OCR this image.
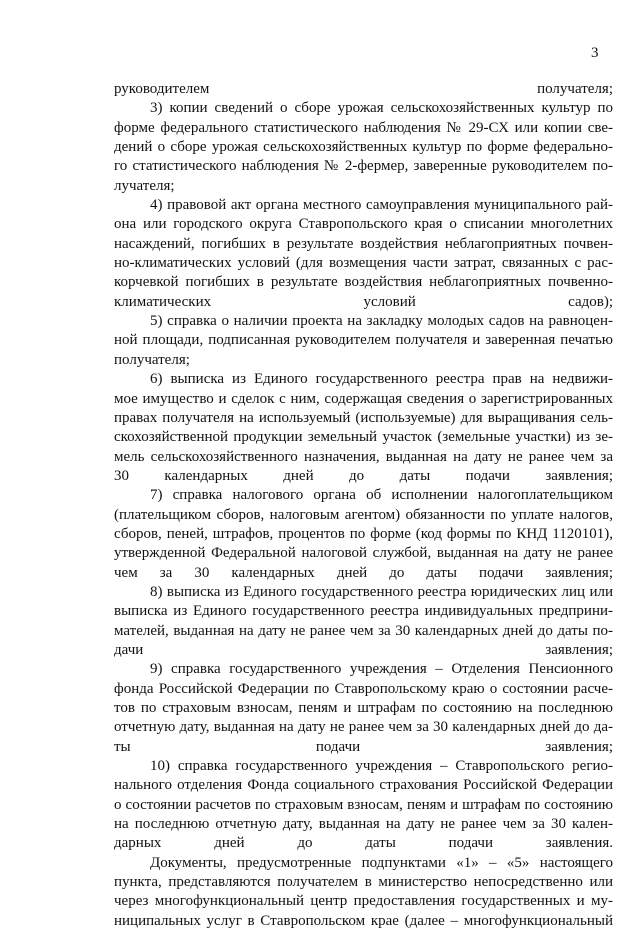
3
руководителем получателя;
3) копии сведений о сборе урожая сельскохозяйственных культур по
форме федерального статистического наблюдения № 29-СХ или копии све-
дений о сборе урожая сельскохозяйственных культур по форме федерально-
го статистического наблюдения № 2-фермер, заверенные руководителем по-
лучателя;
4) правовой акт органа местного самоуправления муниципального рай-
она или городского округа Ставропольского края о списании многолетних
насаждений, погибших в результате воздействия неблагоприятных почвен-
но-климатических условий (для возмещения части затрат, связанных с рас-
корчевкой погибших в результате воздействия неблагоприятных почвенно-
климатических условий садов);
5) справка о наличии проекта на закладку молодых садов на равноцен-
ной площади, подписанная руководителем получателя и заверенная печатью
получателя;
6) выписка из Единого государственного реестра прав на недвижи-
мое имущество и сделок с ним, содержащая сведения о зарегистрированных
правах получателя на используемый (используемые) для выращивания сель-
скохозяйственной продукции земельный участок (земельные участки) из зе-
мель сельскохозяйственного назначения, выданная на дату не ранее чем за
30 календарных дней до даты подачи заявления;
7) справка налогового органа об исполнении налогоплательщиком
(плательщиком сборов, налоговым агентом) обязанности по уплате налогов,
сборов, пеней, штрафов, процентов по форме (код формы по КНД 1120101),
утвержденной Федеральной налоговой службой, выданная на дату не ранее
чем за 30 календарных дней до даты подачи заявления;
8) выписка из Единого государственного реестра юридических лиц или
выписка из Единого государственного реестра индивидуальных предприни-
мателей, выданная на дату не ранее чем за 30 календарных дней до даты по-
дачи заявления;
9) справка государственного учреждения – Отделения Пенсионного
фонда Российской Федерации по Ставропольскому краю о состоянии расче-
тов по страховым взносам, пеням и штрафам по состоянию на последнюю
отчетную дату, выданная на дату не ранее чем за 30 календарных дней до да-
ты подачи заявления;
10) справка государственного учреждения – Ставропольского регио-
нального отделения Фонда социального страхования Российской Федерации
о состоянии расчетов по страховым взносам, пеням и штрафам по состоянию
на последнюю отчетную дату, выданная на дату не ранее чем за 30 кален-
дарных дней до даты подачи заявления.
Документы, предусмотренные подпунктами «1» – «5» настоящего
пункта, представляются получателем в министерство непосредственно или
через многофункциональный центр предоставления государственных и му-
ниципальных услуг в Ставропольском крае (далее – многофункциональный
